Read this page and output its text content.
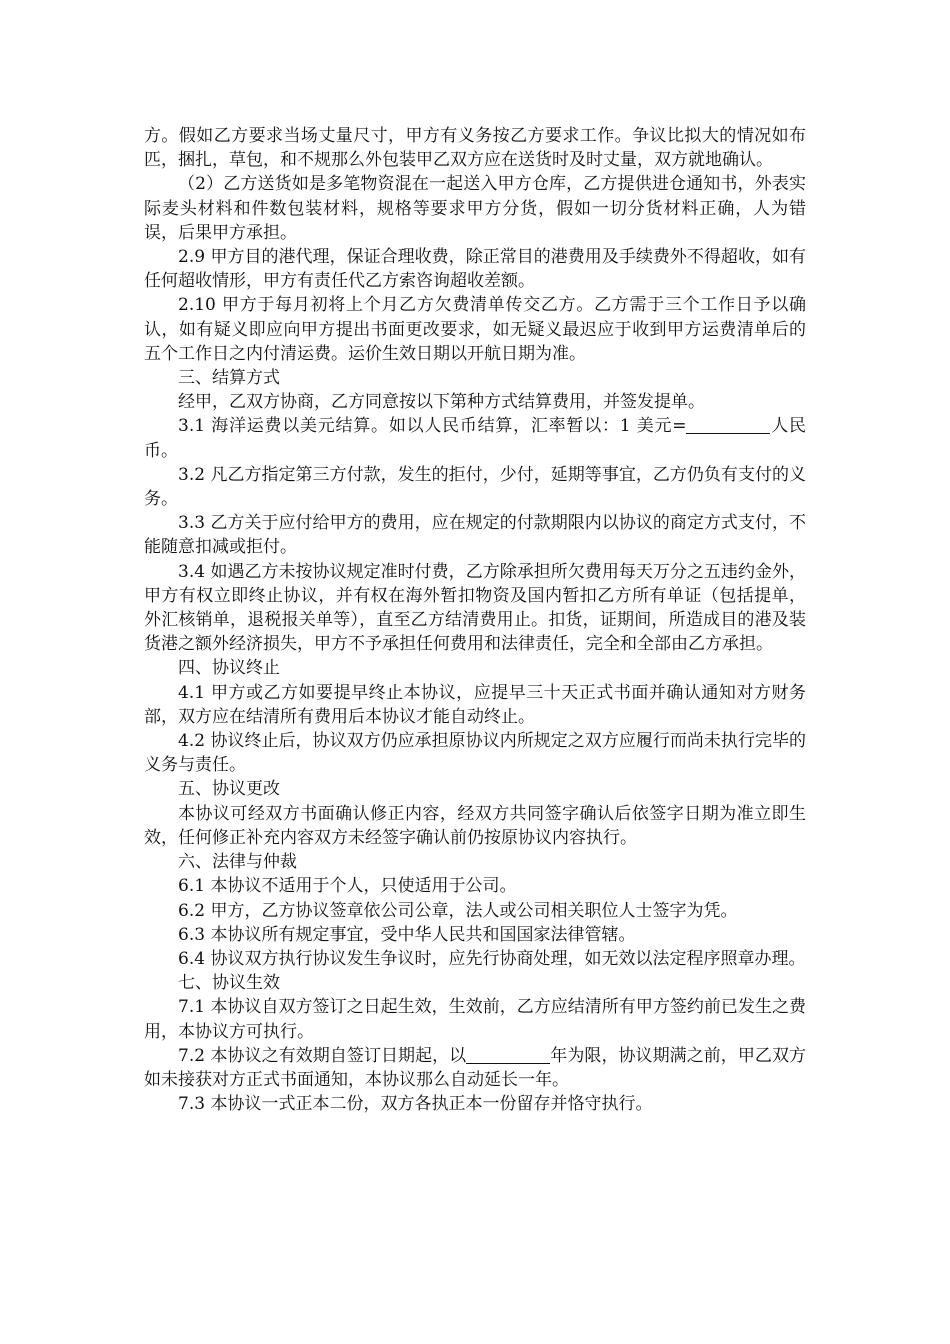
方。假如乙方要求当场丈量尺寸，甲方有义务按乙方要求工作。争议比拟大的情况如布匹，捆扎，草包，和不规那么外包装甲乙双方应在送货时及时丈量，双方就地确认。

（2）乙方送货如是多笔物资混在一起送入甲方仓库，乙方提供进仓通知书，外表实际麦头材料和件数包装材料，规格等要求甲方分货，假如一切分货材料正确，人为错误，后果甲方承担。

2.9 甲方目的港代理，保证合理收费，除正常目的港费用及手续费外不得超收，如有任何超收情形，甲方有责任代乙方索咨询超收差额。

2.10 甲方于每月初将上个月乙方欠费清单传交乙方。乙方需于三个工作日予以确认，如有疑义即应向甲方提出书面更改要求，如无疑义最迟应于收到甲方运费清单后的五个工作日之内付清运费。运价生效日期以开航日期为准。

三、结算方式

经甲，乙双方协商，乙方同意按以下第种方式结算费用，并签发提单。

3.1 海洋运费以美元结算。如以人民币结算，汇率暂以：1 美元=	人民币。

3.2 凡乙方指定第三方付款，发生的拒付，少付，延期等事宜，乙方仍负有支付的义务。

3.3 乙方关于应付给甲方的费用，应在规定的付款期限内以协议的商定方式支付，不能随意扣减或拒付。

3.4 如遇乙方未按协议规定准时付费，乙方除承担所欠费用每天万分之五违约金外，甲方有权立即终止协议，并有权在海外暂扣物资及国内暂扣乙方所有单证（包括提单，外汇核销单，退税报关单等），直至乙方结清费用止。扣货，证期间，所造成目的港及装货港之额外经济损失，甲方不予承担任何费用和法律责任，完全和全部由乙方承担。

四、协议终止

4.1 甲方或乙方如要提早终止本协议，应提早三十天正式书面并确认通知对方财务部，双方应在结清所有费用后本协议才能自动终止。

4.2 协议终止后，协议双方仍应承担原协议内所规定之双方应履行而尚未执行完毕的义务与责任。

五、协议更改

本协议可经双方书面确认修正内容，经双方共同签字确认后依签字日期为准立即生效，任何修正补充内容双方未经签字确认前仍按原协议内容执行。

六、法律与仲裁

6.1 本协议不适用于个人，只使适用于公司。

6.2 甲方，乙方协议签章依公司公章，法人或公司相关职位人士签字为凭。

6.3 本协议所有规定事宜，受中华人民共和国国家法律管辖。

6.4 协议双方执行协议发生争议时，应先行协商处理，如无效以法定程序照章办理。

七、协议生效

7.1 本协议自双方签订之日起生效，生效前，乙方应结清所有甲方签约前已发生之费用，本协议方可执行。

7.2 本协议之有效期自签订日期起，以	年为限，协议期满之前，甲乙双方如未接获对方正式书面通知，本协议那么自动延长一年。

7.3 本协议一式正本二份，双方各执正本一份留存并恪守执行。
